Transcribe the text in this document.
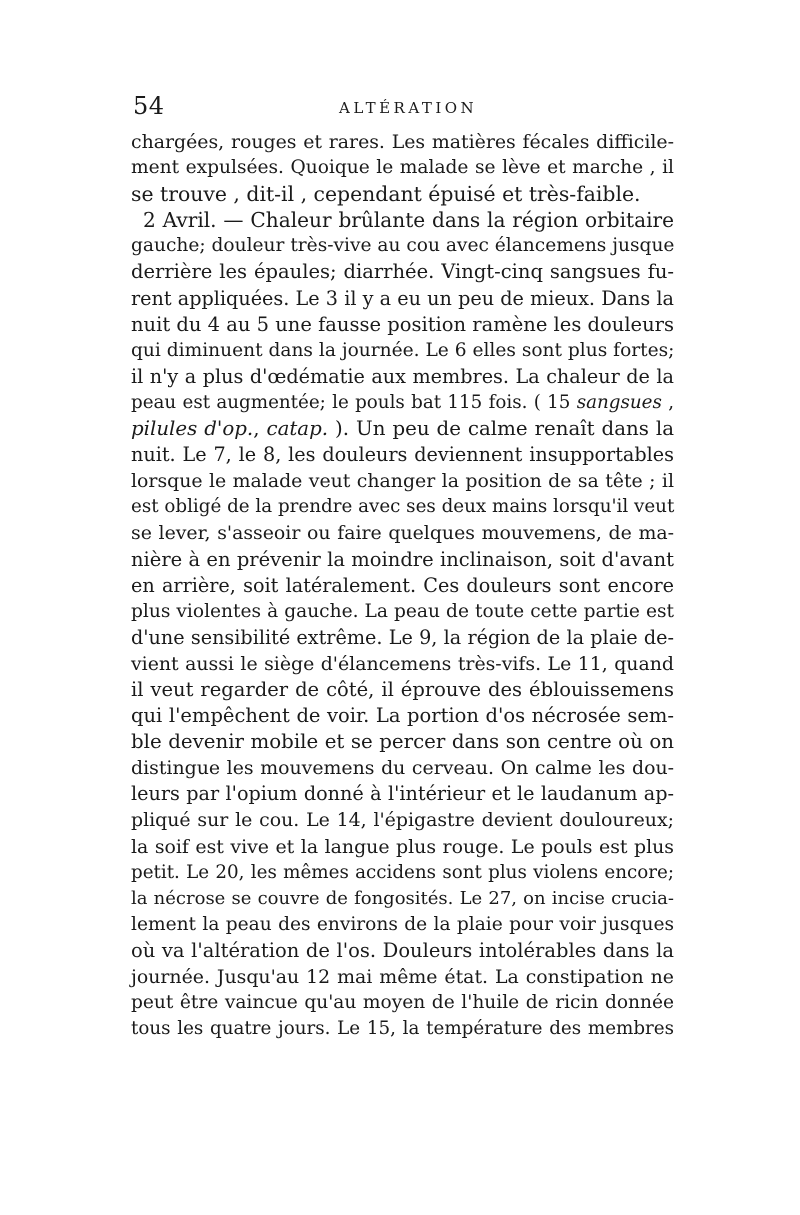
54	ALTÉRATION
chargées, rouges et rares. Les matières fécales difficile-
ment expulsées. Quoique le malade se lève et marche , il
se trouve , dit-il , cependant épuisé et très-faible.
2 Avril. — Chaleur brûlante dans la région orbitaire
gauche; douleur très-vive au cou avec élancemens jusque
derrière les épaules; diarrhée. Vingt-cinq sangsues fu-
rent appliquées. Le 3 il y a eu un peu de mieux. Dans la
nuit du 4 au 5 une fausse position ramène les douleurs
qui diminuent dans la journée. Le 6 elles sont plus fortes;
il n'y a plus d'œdématie aux membres. La chaleur de la
peau est augmentée; le pouls bat 115 fois. ( 15 sangsues ,
pilules d'op., catap. ). Un peu de calme renaît dans la
nuit. Le 7, le 8, les douleurs deviennent insupportables
lorsque le malade veut changer la position de sa tête ; il
est obligé de la prendre avec ses deux mains lorsqu'il veut
se lever, s'asseoir ou faire quelques mouvemens, de ma-
nière à en prévenir la moindre inclinaison, soit d'avant
en arrière, soit latéralement. Ces douleurs sont encore
plus violentes à gauche. La peau de toute cette partie est
d'une sensibilité extrême. Le 9, la région de la plaie de-
vient aussi le siège d'élancemens très-vifs. Le 11, quand
il veut regarder de côté, il éprouve des éblouissemens
qui l'empêchent de voir. La portion d'os nécrosée sem-
ble devenir mobile et se percer dans son centre où on
distingue les mouvemens du cerveau. On calme les dou-
leurs par l'opium donné à l'intérieur et le laudanum ap-
pliqué sur le cou. Le 14, l'épigastre devient douloureux;
la soif est vive et la langue plus rouge. Le pouls est plus
petit. Le 20, les mêmes accidens sont plus violens encore;
la nécrose se couvre de fongosités. Le 27, on incise crucia-
lement la peau des environs de la plaie pour voir jusques
où va l'altération de l'os. Douleurs intolérables dans la
journée. Jusqu'au 12 mai même état. La constipation ne
peut être vaincue qu'au moyen de l'huile de ricin donnée
tous les quatre jours. Le 15, la température des membres
